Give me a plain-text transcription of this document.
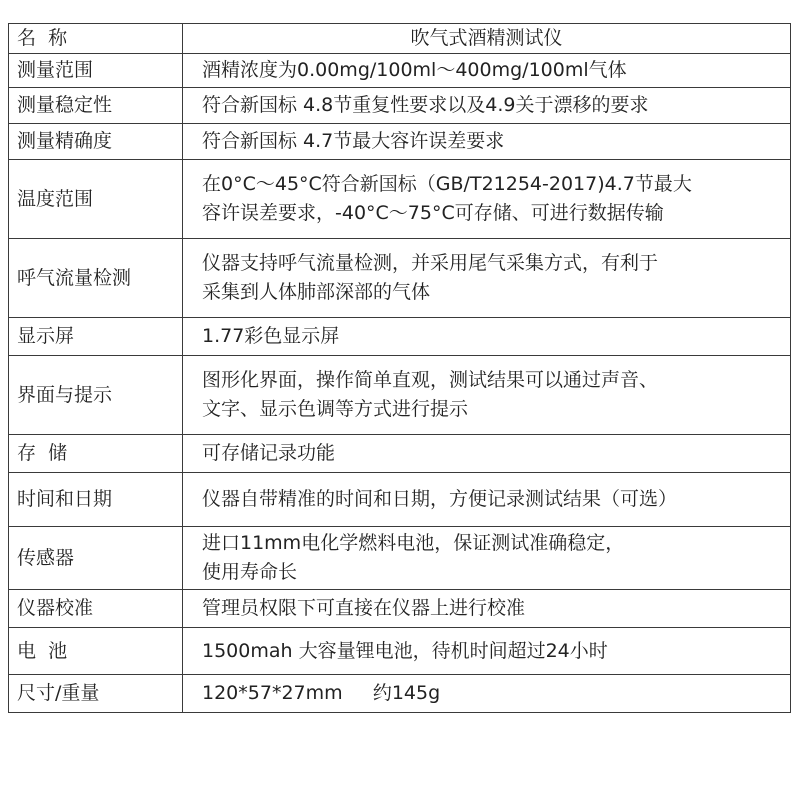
名  称	吹气式酒精测试仪

测量范围	酒精浓度为0.00mg/100ml～400mg/100ml气体

测量稳定性	符合新国标 4.8节重复性要求以及4.9关于漂移的要求

测量精确度	符合新国标 4.7节最大容许误差要求

温度范围	在0°C～45°C符合新国标（GB/T21254-2017)4.7节最大
容许误差要求，-40°C～75°C可存储、可进行数据传输

呼气流量检测	仪器支持呼气流量检测，并采用尾气采集方式，有利于
采集到人体肺部深部的气体

显示屏	1.77彩色显示屏

界面与提示	图形化界面，操作简单直观，测试结果可以通过声音、
文字、显示色调等方式进行提示

存  储	可存储记录功能

时间和日期	仪器自带精准的时间和日期，方便记录测试结果（可选）

传感器	进口11mm电化学燃料电池，保证测试准确稳定，
使用寿命长

仪器校准	管理员权限下可直接在仪器上进行校准

电  池	1500mah 大容量锂电池，待机时间超过24小时

尺寸/重量	120*57*27mm     约145g
